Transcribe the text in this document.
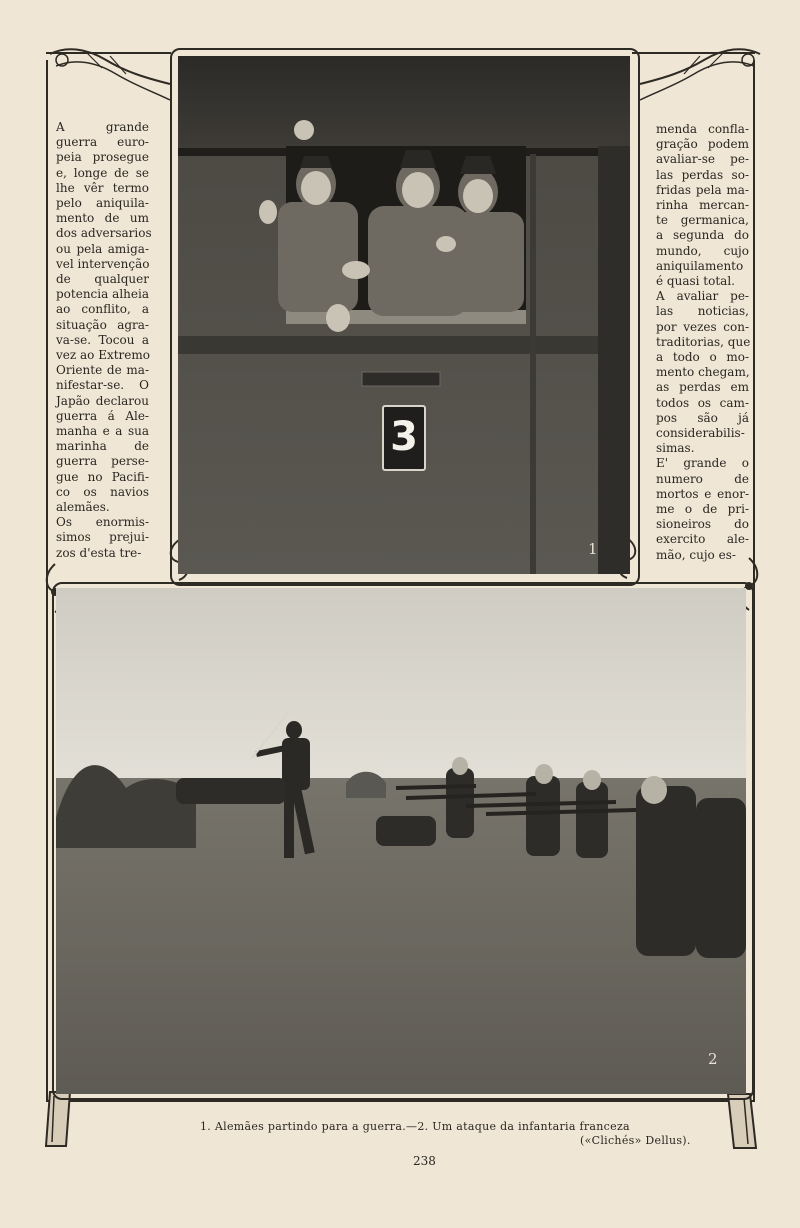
1
3
A grande
guerra euro-
peia prosegue
e, longe de se
lhe vêr termo
pelo aniquila-
mento de um
dos adversarios
ou pela amiga-
vel intervenção
de qualquer
potencia alheia
ao conflito, a
situação agra-
va-se. Tocou a
vez ao Extremo
Oriente de ma-
nifestar-se. O
Japão declarou
guerra á Ale-
manha e a sua
marinha de
guerra perse-
gue no Pacifi-
co os navios
alemães.
Os enormis-
simos prejui-
zos d'esta tre-
menda confla-
gração podem
avaliar-se pe-
las perdas so-
fridas pela ma-
rinha mercan-
te germanica,
a segunda do
mundo, cujo
aniquilamento
é quasi total.
A avaliar pe-
las noticias,
por vezes con-
traditorias, que
a todo o mo-
mento chegam,
as perdas em
todos os cam-
pos são já
considerabilis-
simas.
E' grande o
numero de
mortos e enor-
me o de pri-
sioneiros do
exercito ale-
mão, cujo es-
2
1. Alemães partindo para a guerra.—2. Um ataque da infantaria franceza
(«Clichés» Dellus).
238
